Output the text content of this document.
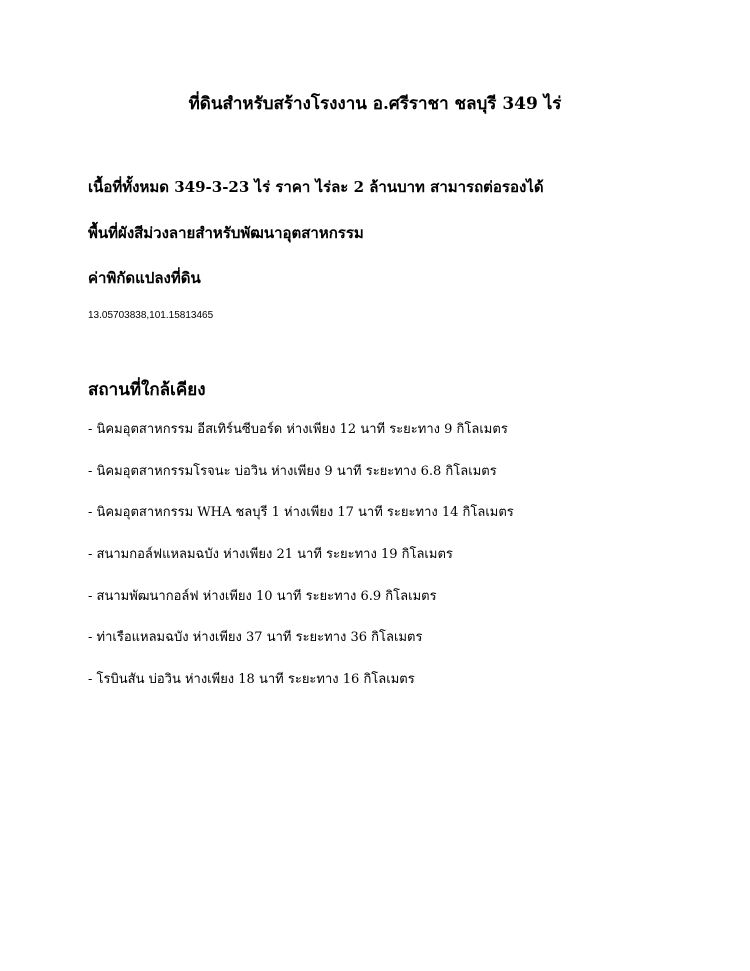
ที่ดินสำหรับสร้างโรงงาน อ.ศรีราชา ชลบุรี 349 ไร่
เนื้อที่ทั้งหมด 349-3-23 ไร่ ราคา ไร่ละ 2 ล้านบาท สามารถต่อรองได้
พื้นที่ผังสีม่วงลายสำหรับพัฒนาอุตสาหกรรม
ค่าพิกัดแปลงที่ดิน
13.05703838,101.15813465
สถานที่ใกล้เคียง
- นิคมอุตสาหกรรม อีสเทิร์นซีบอร์ด ห่างเพียง 12 นาที ระยะทาง 9 กิโลเมตร
- นิคมอุตสาหกรรมโรจนะ บ่อวิน ห่างเพียง 9 นาที ระยะทาง 6.8 กิโลเมตร
- นิคมอุตสาหกรรม WHA ชลบุรี 1 ห่างเพียง 17 นาที ระยะทาง 14 กิโลเมตร
- สนามกอล์ฟแหลมฉบัง ห่างเพียง 21 นาที ระยะทาง 19 กิโลเมตร
- สนามพัฒนากอล์ฟ ห่างเพียง 10 นาที ระยะทาง 6.9 กิโลเมตร
- ท่าเรือแหลมฉบัง ห่างเพียง 37 นาที ระยะทาง 36 กิโลเมตร
- โรบินสัน บ่อวิน ห่างเพียง 18 นาที ระยะทาง 16 กิโลเมตร
